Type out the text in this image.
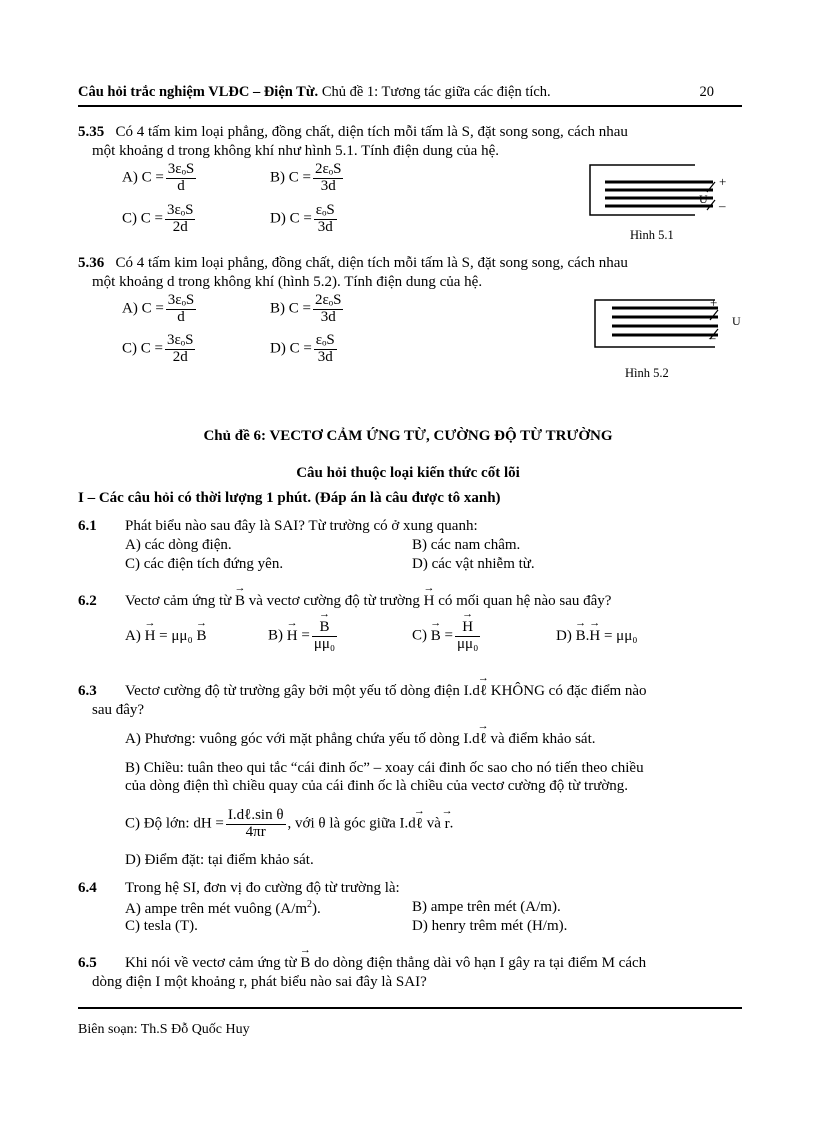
Câu hỏi trắc nghiệm VLĐC – Điện Từ. Chủ đề 1: Tương tác giữa các điện tích.	20
5.35 Có 4 tấm kim loại phẳng, đồng chất, diện tích mỗi tấm là S, đặt song song, cách nhau
một khoảng d trong không khí như hình 5.1. Tính điện dung của hệ.
A) $C = \frac{\text{3εₒS}}{d}$	B) $C = \frac{\text{2εₒS}}{3d}$
C) $C = \frac{\text{3εₒS}}{2d}$	D) $C = \frac{\text{εₒS}}{3d}$
+
U –
Hình 5.1
5.36 Có 4 tấm kim loại phẳng, đồng chất, diện tích mỗi tấm là S, đặt song song, cách nhau
một khoảng d trong không khí (hình 5.2). Tính điện dung của hệ.
A) $C = \frac{\text{3εₒS}}{d}$	B) $C = \frac{\text{2εₒS}}{3d}$
C) $C = \frac{\text{3εₒS}}{2d}$	D) $C = \frac{\text{εₒS}}{3d}$
+
U
–
Hình 5.2
Chủ đề 6: VECTƠ CẢM ỨNG TỪ, CƯỜNG ĐỘ TỪ TRƯỜNG
Câu hỏi thuộc loại kiến thức cốt lõi
I – Các câu hỏi có thời lượng 1 phút. (Đáp án là câu được tô xanh)
6.1 Phát biểu nào sau đây là SAI? Từ trường có ở xung quanh:
A) các dòng điện.	B) các nam châm.
C) các điện tích đứng yên.	D) các vật nhiễm từ.
6.2 Vectơ cảm ứng từ → B và vectơ cường độ từ trường → H có mối quan hệ nào sau đây?
A) → H = μμ₀ → B	B) → H = → $\frac{B}{\text{μμ₀}}$	C) → B = → $\frac{H}{\text{μμ₀}}$	D) → B.→ H = μμ₀
6.3 Vectơ cường độ từ trường gây bởi một yếu tố dòng điện I.d→ ℓ KHÔNG có đặc điểm nào
sau đây?
A) Phương: vuông góc với mặt phẳng chứa yếu tố dòng I.d→ ℓ và điểm khảo sát.
B) Chiều: tuân theo qui tắc “cái đinh ốc” – xoay cái đinh ốc sao cho nó tiến theo chiều
của dòng điện thì chiều quay của cái đinh ốc là chiều của vectơ cường độ từ trường.
C) Độ lớn: dH = $\frac{\text{I.dℓ.sin θ}}{4\pi r}$ , với θ là góc giữa I.d→ ℓ và → r.
D) Điểm đặt: tại điểm khảo sát.
6.4 Trong hệ SI, đơn vị đo cường độ từ trường là:
A) ampe trên mét vuông $(A/m^2)$.	B) ampe trên mét (A/m).
C) tesla (T).	D) henry trêm mét (H/m).
6.5 Khi nói về vectơ cảm ứng từ → B do dòng điện thẳng dài vô hạn I gây ra tại điểm M cách
dòng điện I một khoảng r, phát biểu nào sai đây là SAI?
Biên soạn: Th.S Đỗ Quốc Huy
